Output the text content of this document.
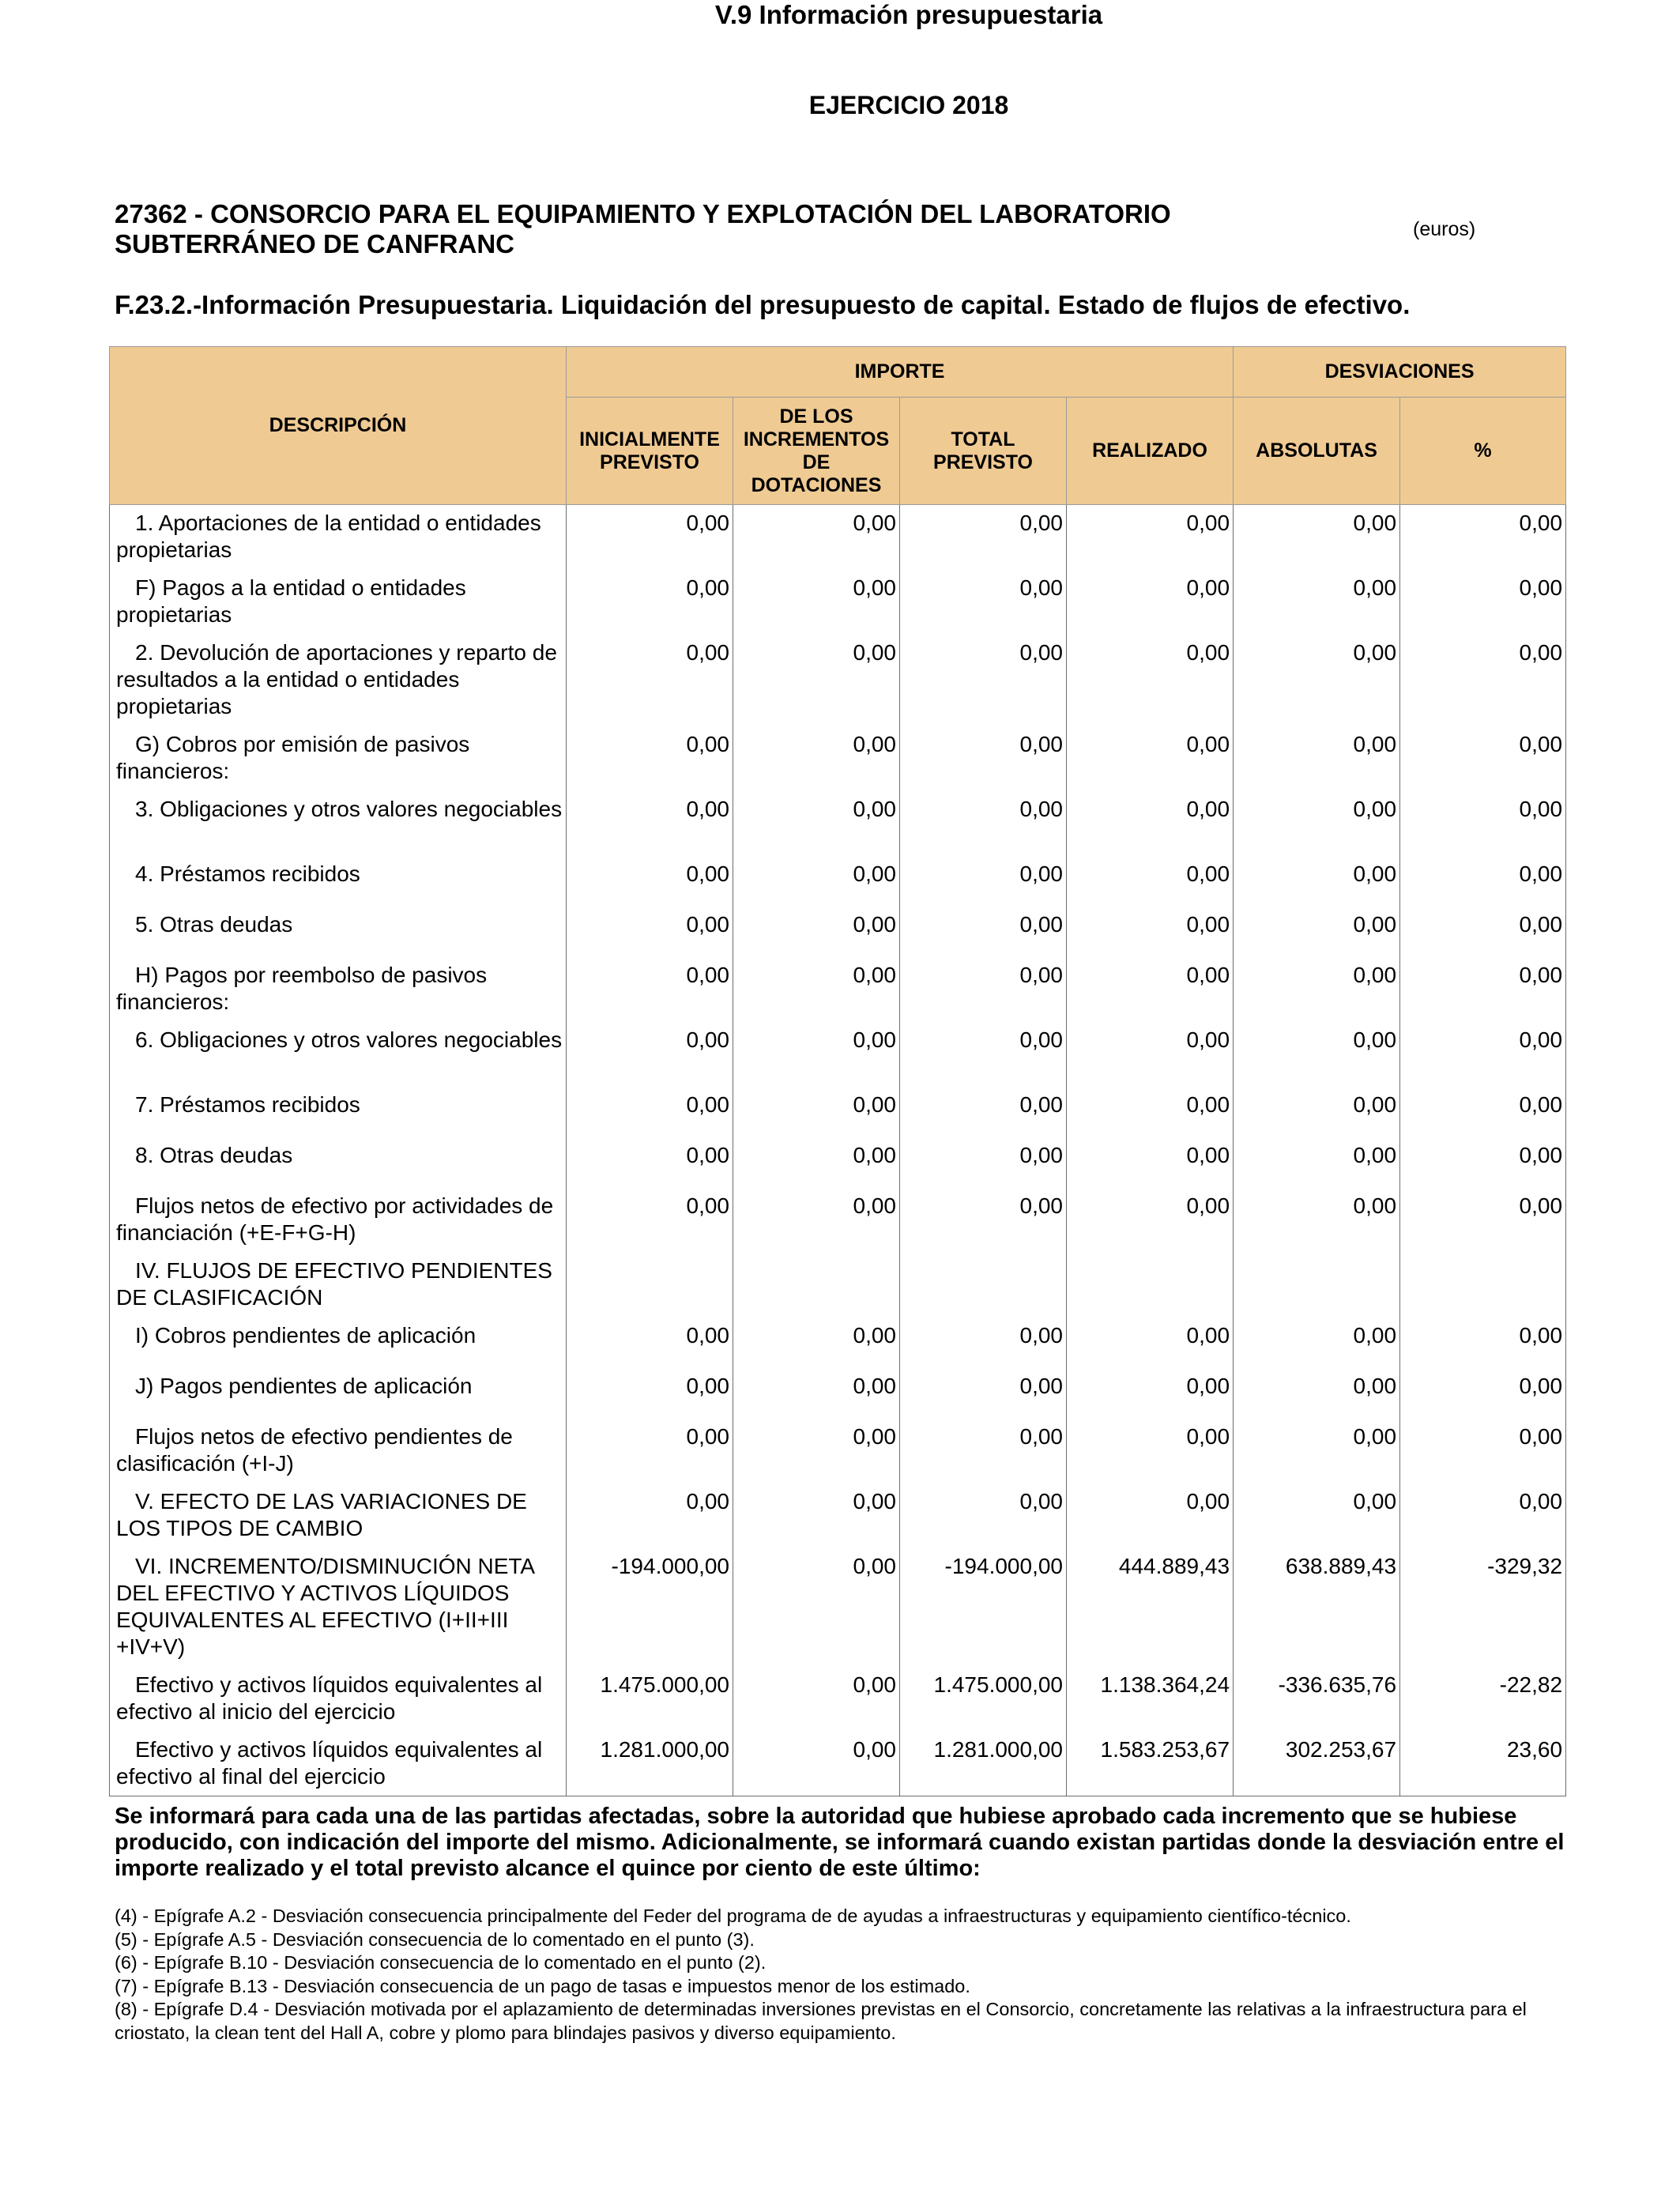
V.9 Información presupuestaria
EJERCICIO 2018
27362 - CONSORCIO PARA EL EQUIPAMIENTO Y EXPLOTACIÓN DEL LABORATORIO SUBTERRÁNEO DE CANFRANC	(euros)
F.23.2.-Información Presupuestaria. Liquidación del presupuesto de capital. Estado de flujos de efectivo.
DESCRIPCIÓN	IMPORTE				DESVIACIONES	
	INICIALMENTE PREVISTO	DE LOS INCREMENTOS DE DOTACIONES	TOTAL PREVISTO	REALIZADO	ABSOLUTAS	%
1. Aportaciones de la entidad o entidades propietarias	0,00	0,00	0,00	0,00	0,00	0,00
F) Pagos a la entidad o entidades propietarias	0,00	0,00	0,00	0,00	0,00	0,00
2. Devolución de aportaciones y reparto de resultados a la entidad o entidades propietarias	0,00	0,00	0,00	0,00	0,00	0,00
G) Cobros por emisión de pasivos financieros:	0,00	0,00	0,00	0,00	0,00	0,00
3. Obligaciones y otros valores negociables	0,00	0,00	0,00	0,00	0,00	0,00
4. Préstamos recibidos	0,00	0,00	0,00	0,00	0,00	0,00
5. Otras deudas	0,00	0,00	0,00	0,00	0,00	0,00
H) Pagos por reembolso de pasivos financieros:	0,00	0,00	0,00	0,00	0,00	0,00
6. Obligaciones y otros valores negociables	0,00	0,00	0,00	0,00	0,00	0,00
7. Préstamos recibidos	0,00	0,00	0,00	0,00	0,00	0,00
8. Otras deudas	0,00	0,00	0,00	0,00	0,00	0,00
Flujos netos de efectivo por actividades de financiación (+E-F+G-H)	0,00	0,00	0,00	0,00	0,00	0,00
IV. FLUJOS DE EFECTIVO PENDIENTES DE CLASIFICACIÓN						
I) Cobros pendientes de aplicación	0,00	0,00	0,00	0,00	0,00	0,00
J) Pagos pendientes de aplicación	0,00	0,00	0,00	0,00	0,00	0,00
Flujos netos de efectivo pendientes de clasificación (+I-J)	0,00	0,00	0,00	0,00	0,00	0,00
V. EFECTO DE LAS VARIACIONES DE LOS TIPOS DE CAMBIO	0,00	0,00	0,00	0,00	0,00	0,00
VI. INCREMENTO/DISMINUCIÓN NETA DEL EFECTIVO Y ACTIVOS LÍQUIDOS EQUIVALENTES AL EFECTIVO (I+II+III +IV+V)	-194.000,00	0,00	-194.000,00	444.889,43	638.889,43	-329,32
Efectivo y activos líquidos equivalentes al efectivo al inicio del ejercicio	1.475.000,00	0,00	1.475.000,00	1.138.364,24	-336.635,76	-22,82
Efectivo y activos líquidos equivalentes al efectivo al final del ejercicio	1.281.000,00	0,00	1.281.000,00	1.583.253,67	302.253,67	23,60
Se informará para cada una de las partidas afectadas, sobre la autoridad que hubiese aprobado cada incremento que se hubiese producido, con indicación del importe del mismo. Adicionalmente, se informará cuando existan partidas donde la desviación entre el importe realizado y el total previsto alcance el quince por ciento de este último:
(4) - Epígrafe A.2 - Desviación consecuencia principalmente del Feder del programa de de ayudas a infraestructuras y equipamiento científico-técnico.
(5) - Epígrafe A.5 - Desviación consecuencia de lo comentado en el punto (3).
(6) - Epígrafe B.10 - Desviación consecuencia de lo comentado en el punto (2).
(7) - Epígrafe B.13 - Desviación consecuencia de un pago de tasas e impuestos menor de los estimado.
(8) - Epígrafe D.4 - Desviación motivada por el aplazamiento de determinadas inversiones previstas en el Consorcio, concretamente las relativas a la infraestructura para el criostato, la clean tent del Hall A, cobre y plomo para blindajes pasivos y diverso equipamiento.
